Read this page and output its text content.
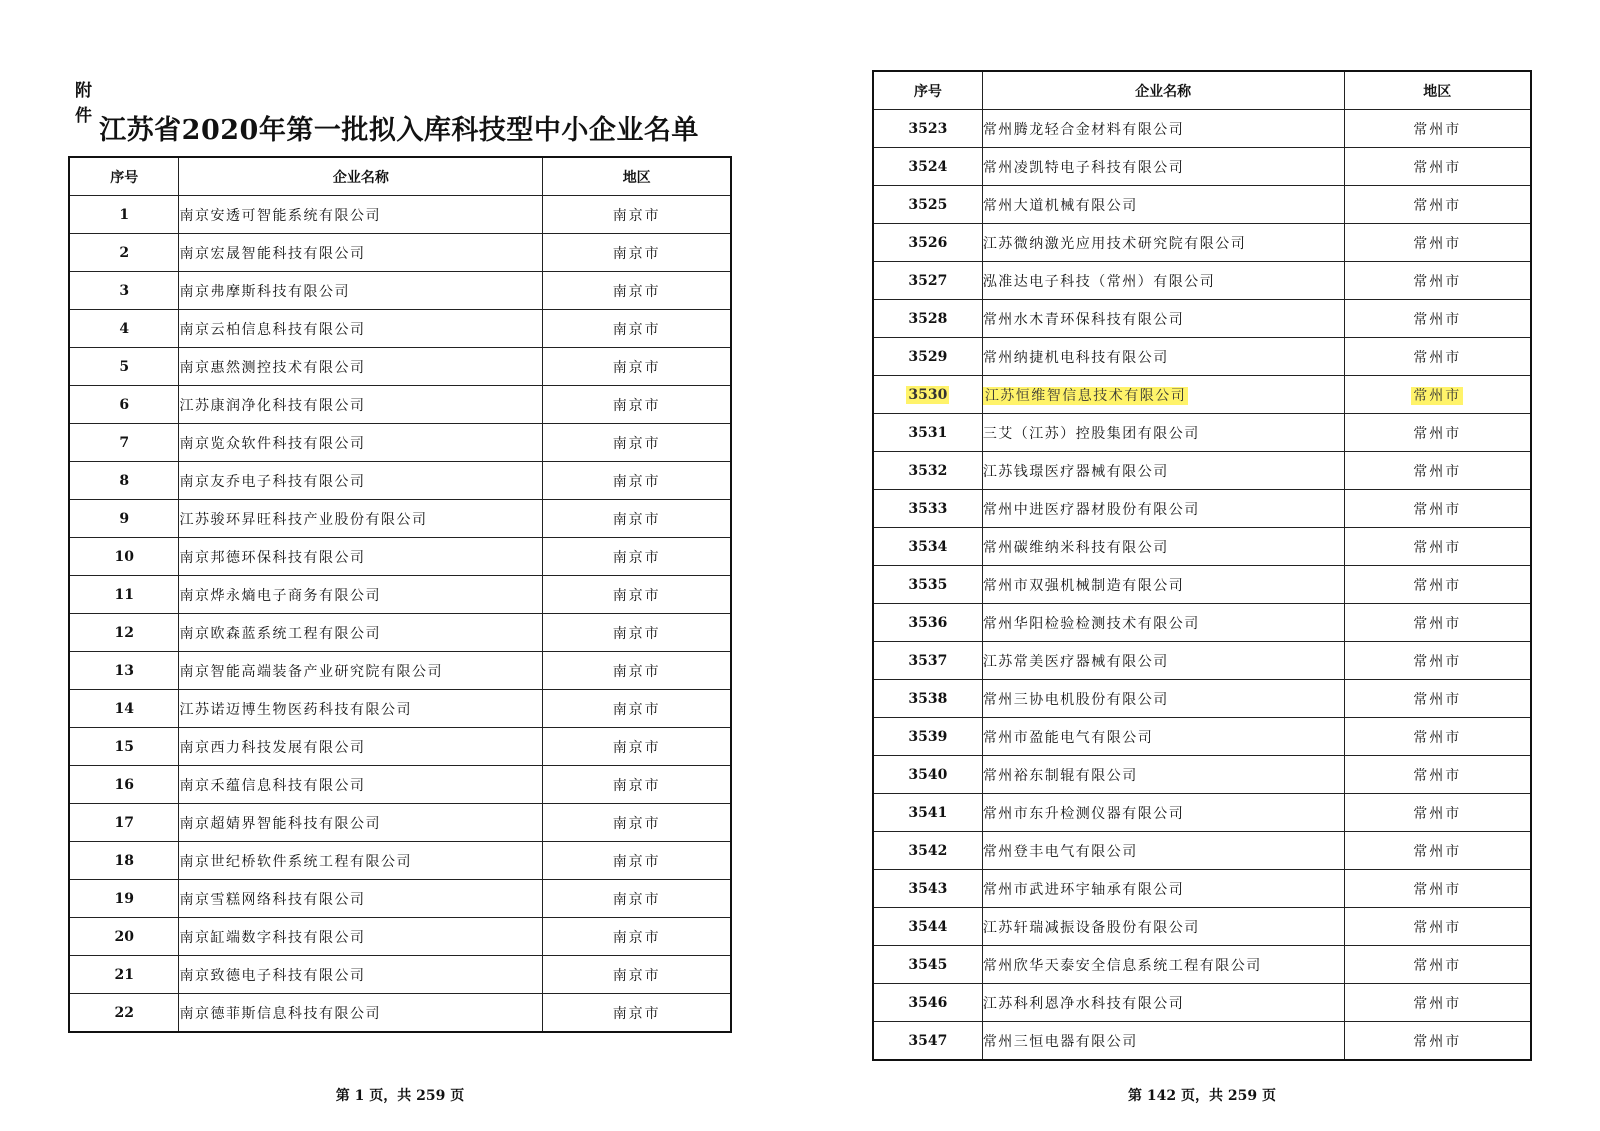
附件 江苏省2020年第一批拟入库科技型中小企业名单
序号	企业名称	地区
1	南京安透可智能系统有限公司	南京市
2	南京宏晟智能科技有限公司	南京市
3	南京弗摩斯科技有限公司	南京市
4	南京云柏信息科技有限公司	南京市
5	南京惠然测控技术有限公司	南京市
6	江苏康润净化科技有限公司	南京市
7	南京览众软件科技有限公司	南京市
8	南京友乔电子科技有限公司	南京市
9	江苏骏环昇旺科技产业股份有限公司	南京市
10	南京邦德环保科技有限公司	南京市
11	南京烨永熵电子商务有限公司	南京市
12	南京欧森蓝系统工程有限公司	南京市
13	南京智能高端装备产业研究院有限公司	南京市
14	江苏诺迈博生物医药科技有限公司	南京市
15	南京西力科技发展有限公司	南京市
16	南京禾蕴信息科技有限公司	南京市
17	南京超婧界智能科技有限公司	南京市
18	南京世纪桥软件系统工程有限公司	南京市
19	南京雪糕网络科技有限公司	南京市
20	南京缸端数字科技有限公司	南京市
21	南京致德电子科技有限公司	南京市
22	南京德菲斯信息科技有限公司	南京市
第 1 页，共 259 页
序号	企业名称	地区
3523	常州腾龙轻合金材料有限公司	常州市
3524	常州凌凯特电子科技有限公司	常州市
3525	常州大道机械有限公司	常州市
3526	江苏微纳激光应用技术研究院有限公司	常州市
3527	泓准达电子科技（常州）有限公司	常州市
3528	常州水木青环保科技有限公司	常州市
3529	常州纳捷机电科技有限公司	常州市
3530	江苏恒维智信息技术有限公司	常州市
3531	三艾（江苏）控股集团有限公司	常州市
3532	江苏钱璟医疗器械有限公司	常州市
3533	常州中进医疗器材股份有限公司	常州市
3534	常州碳维纳米科技有限公司	常州市
3535	常州市双强机械制造有限公司	常州市
3536	常州华阳检验检测技术有限公司	常州市
3537	江苏常美医疗器械有限公司	常州市
3538	常州三协电机股份有限公司	常州市
3539	常州市盈能电气有限公司	常州市
3540	常州裕东制辊有限公司	常州市
3541	常州市东升检测仪器有限公司	常州市
3542	常州登丰电气有限公司	常州市
3543	常州市武进环宇轴承有限公司	常州市
3544	江苏轩瑞减振设备股份有限公司	常州市
3545	常州欣华天泰安全信息系统工程有限公司	常州市
3546	江苏科利恩净水科技有限公司	常州市
3547	常州三恒电器有限公司	常州市
第 142 页，共 259 页
